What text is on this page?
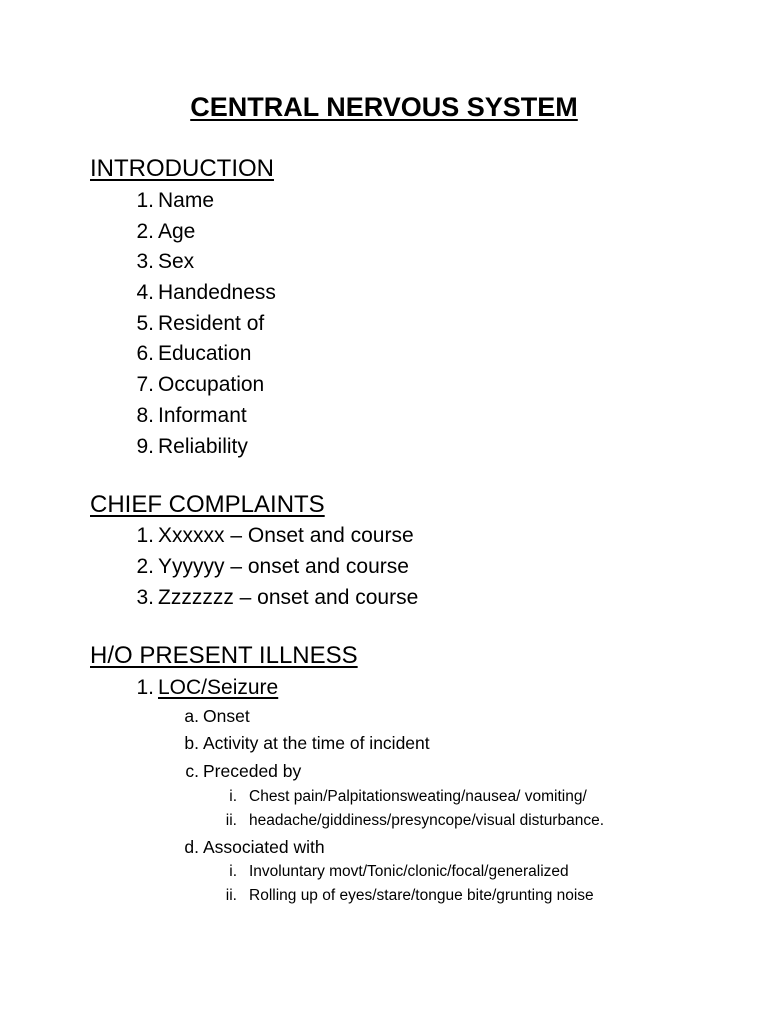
CENTRAL NERVOUS SYSTEM
INTRODUCTION
1. Name
2. Age
3. Sex
4. Handedness
5. Resident of
6. Education
7. Occupation
8. Informant
9. Reliability
CHIEF COMPLAINTS
1. Xxxxxx – Onset and course
2. Yyyyyy – onset and course
3. Zzzzzzz – onset and course
H/O PRESENT ILLNESS
1. LOC/Seizure
a. Onset
b. Activity at the time of incident
c. Preceded by
i. Chest pain/Palpitationsweating/nausea/ vomiting/
ii. headache/giddiness/presyncope/visual disturbance.
d. Associated with
i. Involuntary movt/Tonic/clonic/focal/generalized
ii. Rolling up of eyes/stare/tongue bite/grunting noise
